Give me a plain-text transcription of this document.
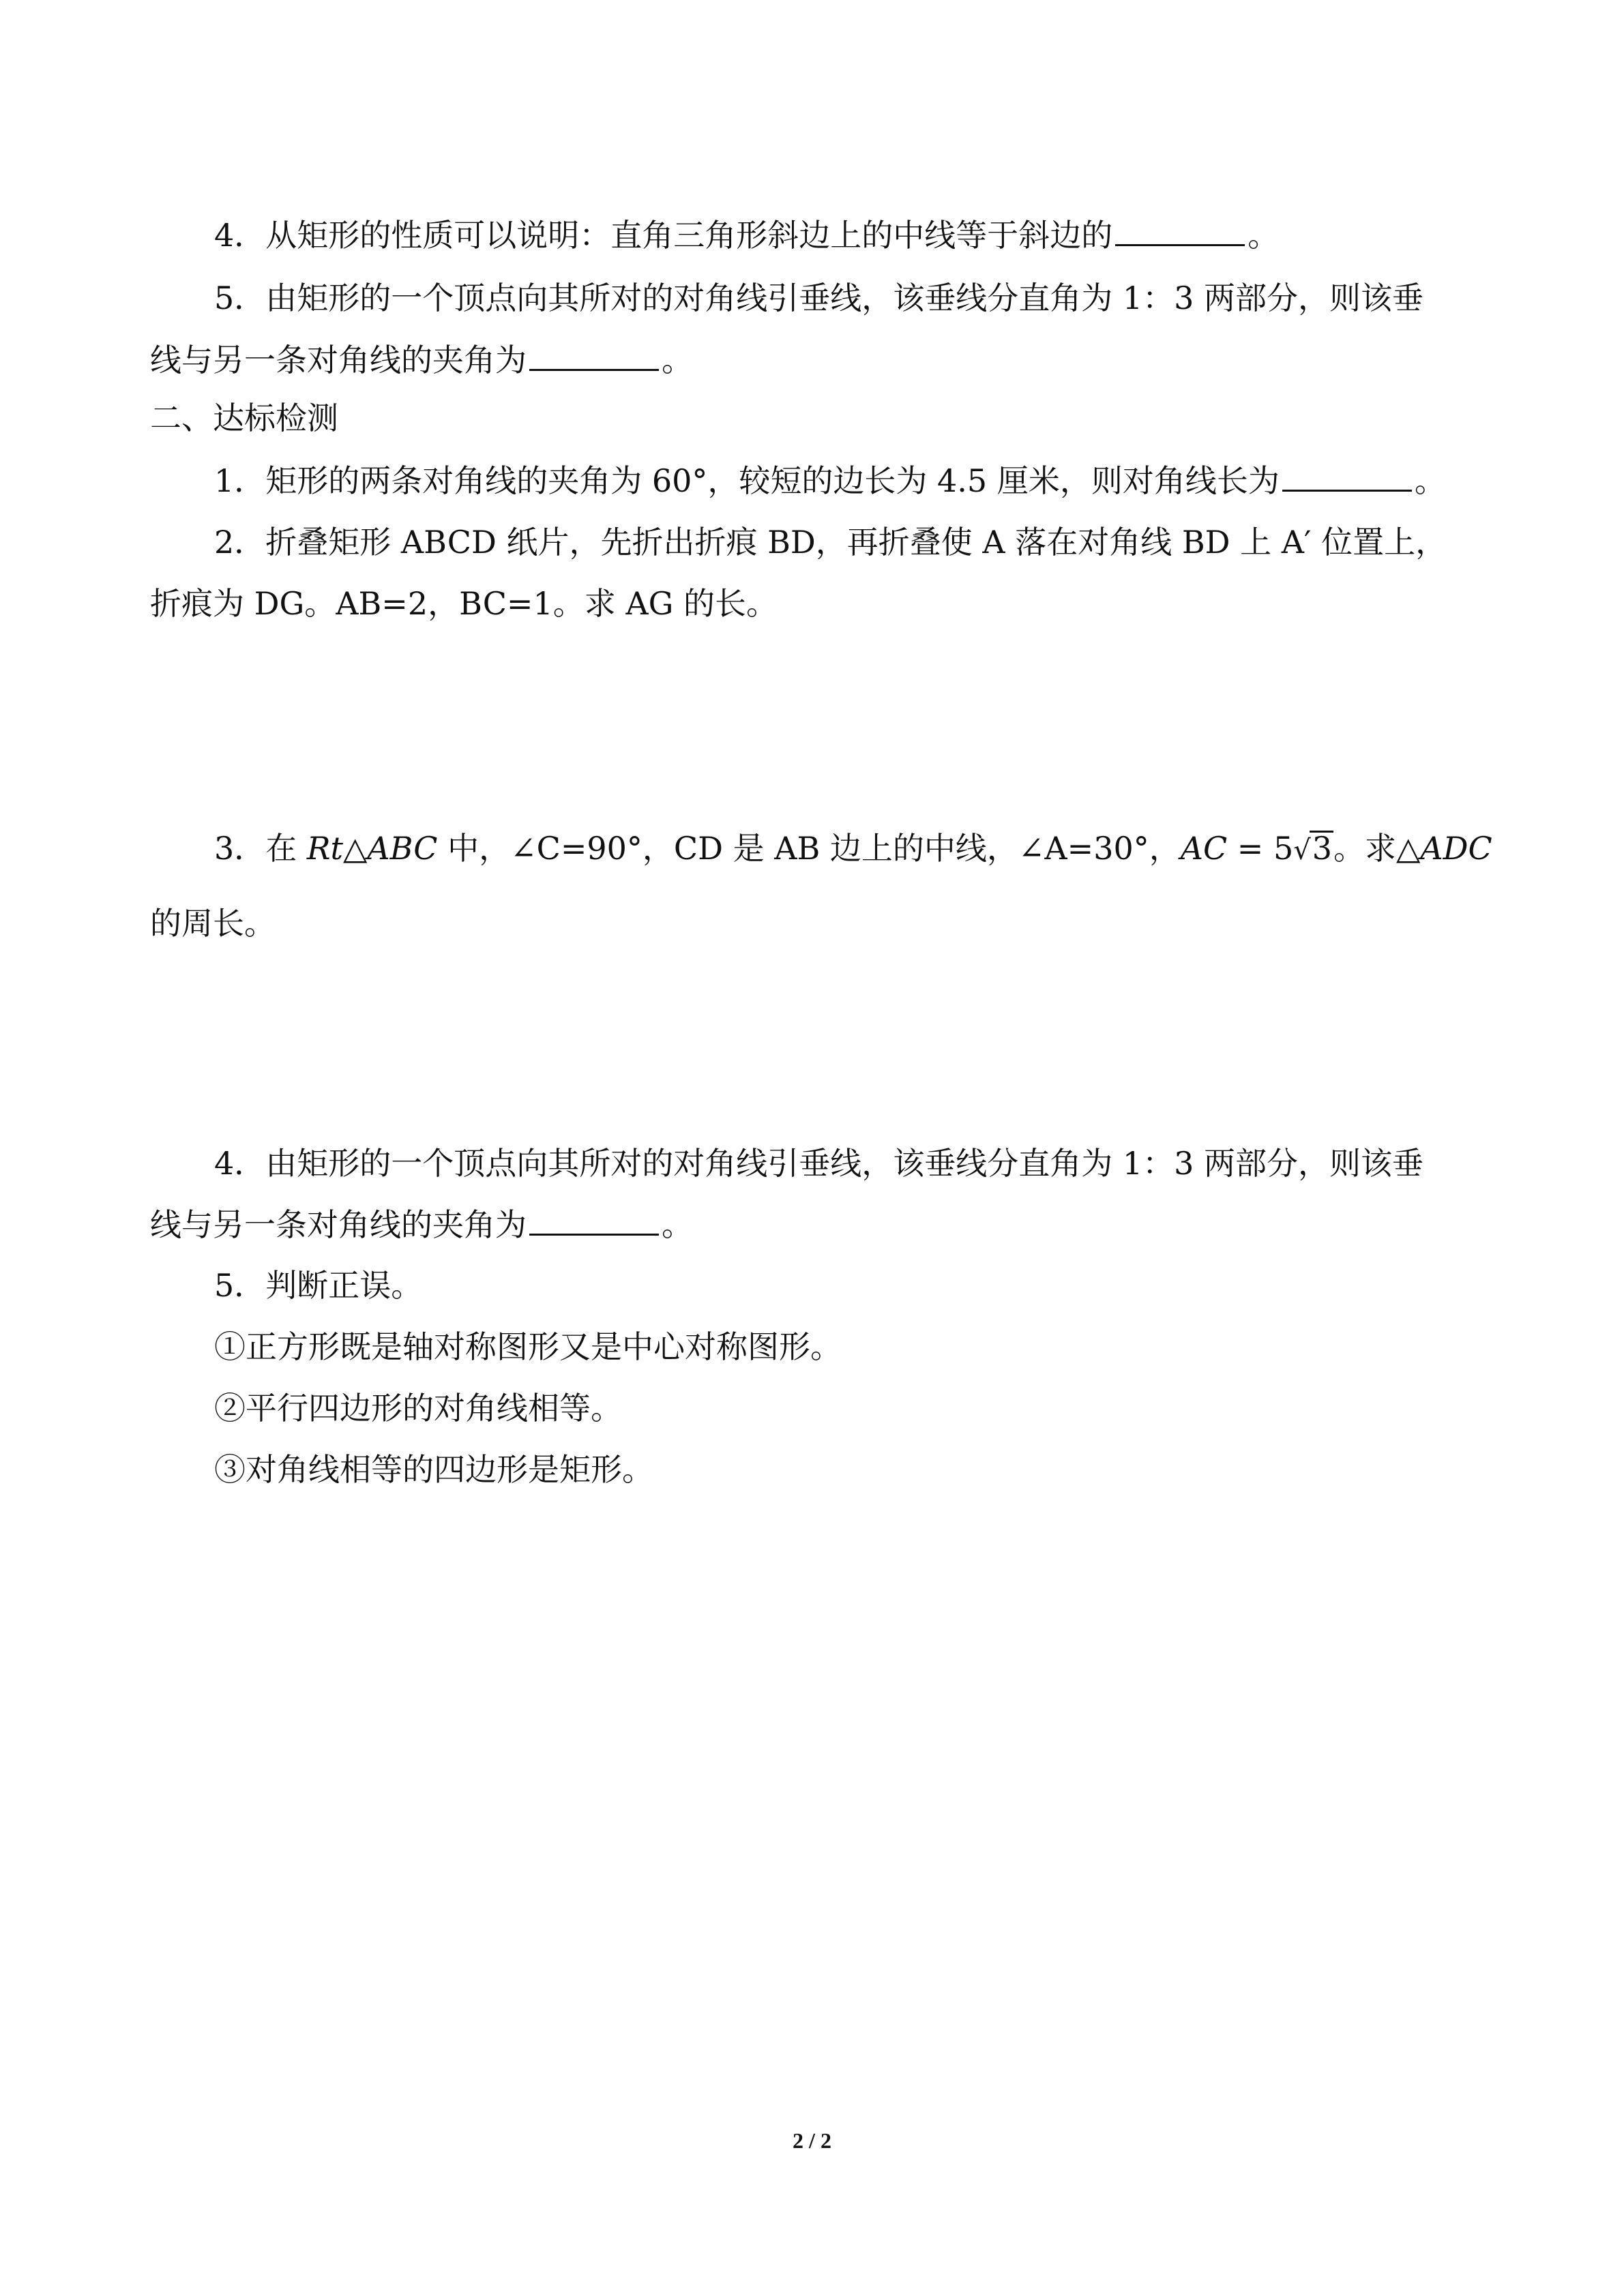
4．从矩形的性质可以说明：直角三角形斜边上的中线等于斜边的	。
5．由矩形的一个顶点向其所对的对角线引垂线，该垂线分直角为 1：3 两部分，则该垂
线与另一条对角线的夹角为	。
二、达标检测
1．矩形的两条对角线的夹角为 60°，较短的边长为 4.5 厘米，则对角线长为	。
2．折叠矩形 ABCD 纸片，先折出折痕 BD，再折叠使 A 落在对角线 BD 上 A′ 位置上，
折痕为 DG。AB=2，BC=1。求 AG 的长。
3．在 Rt△ABC 中，∠C=90°，CD 是 AB 边上的中线，∠A=30°，AC = 5√3。求△ADC
的周长。
4．由矩形的一个顶点向其所对的对角线引垂线，该垂线分直角为 1：3 两部分，则该垂
线与另一条对角线的夹角为	。
5．判断正误。
①正方形既是轴对称图形又是中心对称图形。
②平行四边形的对角线相等。
③对角线相等的四边形是矩形。
2 / 2
